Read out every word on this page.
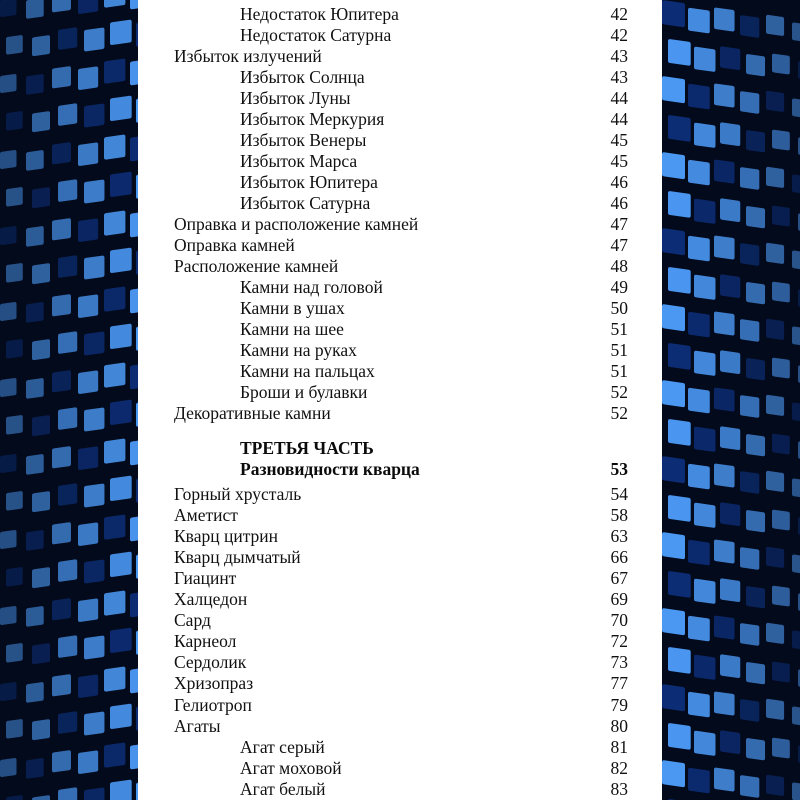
Недостаток Юпитера	42
Недостаток Сатурна	42
Избыток излучений	43
Избыток Солнца	43
Избыток Луны	44
Избыток Меркурия	44
Избыток Венеры	45
Избыток Марса	45
Избыток Юпитера	46
Избыток Сатурна	46
Оправка и расположение камней	47
Оправка камней	47
Расположение камней	48
Камни над головой	49
Камни в ушах	50
Камни на шее	51
Камни на руках	51
Камни на пальцах	51
Броши и булавки	52
Декоративные камни	52
ТРЕТЬЯ ЧАСТЬ
Разновидности кварца	53
Горный хрусталь	54
Аметист	58
Кварц цитрин	63
Кварц дымчатый	66
Гиацинт	67
Халцедон	69
Сард	70
Карнеол	72
Сердолик	73
Хризопраз	77
Гелиотроп	79
Агаты	80
Агат серый	81
Агат моховой	82
Агат белый	83
